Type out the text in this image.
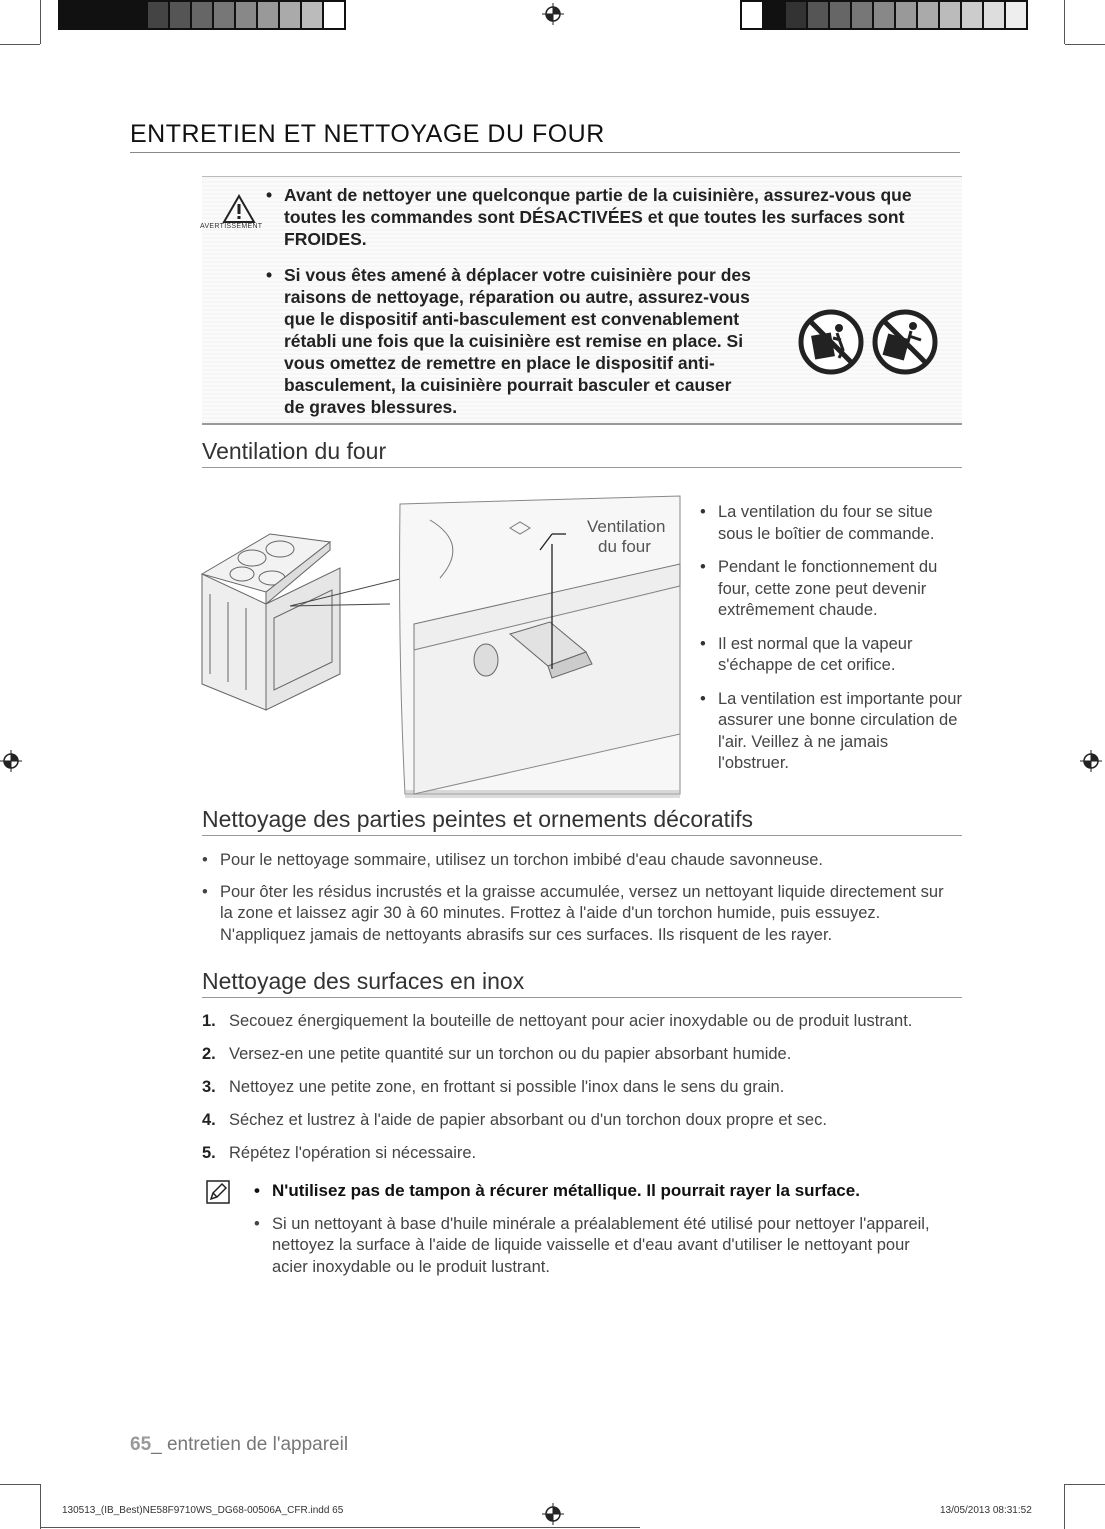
ENTRETIEN ET NETTOYAGE DU FOUR
AVERTISSEMENT
• Avant de nettoyer une quelconque partie de la cuisinière, assurez-vous que
toutes les commandes sont DÉSACTIVÉES et que toutes les surfaces sont
FROIDES.
• Si vous êtes amené à déplacer votre cuisinière pour des
raisons de nettoyage, réparation ou autre, assurez-vous
que le dispositif anti-basculement est convenablement
rétabli une fois que la cuisinière est remise en place. Si
vous omettez de remettre en place le dispositif anti-
basculement, la cuisinière pourrait basculer et causer
de graves blessures.
Ventilation du four
Ventilation
du four
• La ventilation du four se situe sous le boîtier de commande.
• Pendant le fonctionnement du four, cette zone peut devenir extrêmement chaude.
• Il est normal que la vapeur s'échappe de cet orifice.
• La ventilation est importante pour assurer une bonne circulation de l'air. Veillez à ne jamais l'obstruer.
Nettoyage des parties peintes et ornements décoratifs
• Pour le nettoyage sommaire, utilisez un torchon imbibé d'eau chaude savonneuse.
• Pour ôter les résidus incrustés et la graisse accumulée, versez un nettoyant liquide directement sur la zone et laissez agir 30 à 60 minutes. Frottez à l'aide d'un torchon humide, puis essuyez. N'appliquez jamais de nettoyants abrasifs sur ces surfaces. Ils risquent de les rayer.
Nettoyage des surfaces en inox
1. Secouez énergiquement la bouteille de nettoyant pour acier inoxydable ou de produit lustrant.
2. Versez-en une petite quantité sur un torchon ou du papier absorbant humide.
3. Nettoyez une petite zone, en frottant si possible l'inox dans le sens du grain.
4. Séchez et lustrez à l'aide de papier absorbant ou d'un torchon doux propre et sec.
5. Répétez l'opération si nécessaire.
• N'utilisez pas de tampon à récurer métallique. Il pourrait rayer la surface.
• Si un nettoyant à base d'huile minérale a préalablement été utilisé pour nettoyer l'appareil, nettoyez la surface à l'aide de liquide vaisselle et d'eau avant d'utiliser le nettoyant pour acier inoxydable ou le produit lustrant.
65_ entretien de l'appareil
130513_(IB_Best)NE58F9710WS_DG68-00506A_CFR.indd 65	13/05/2013 08:31:52
